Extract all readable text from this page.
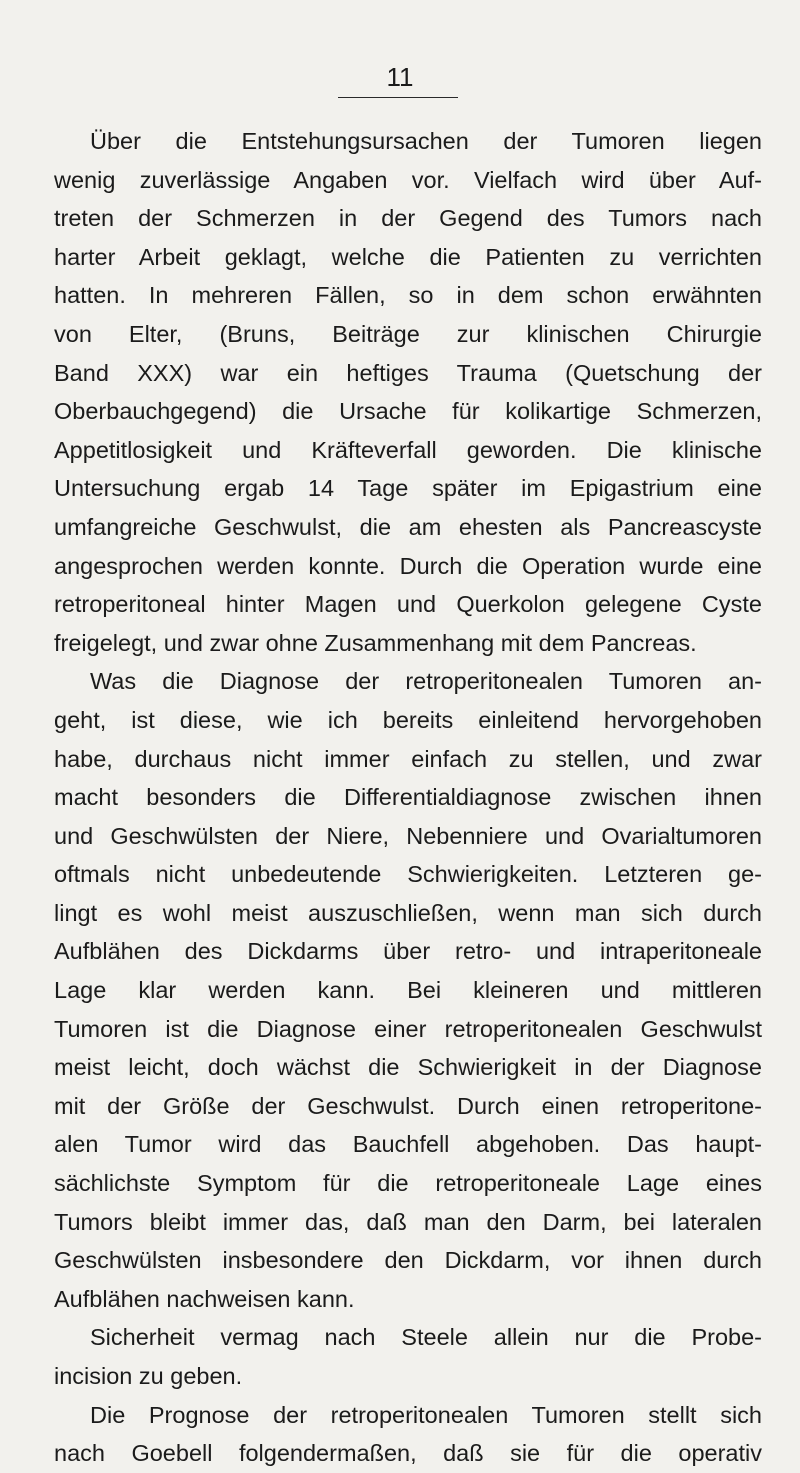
11
Über die Entstehungsursachen der Tumoren liegen
wenig zuverlässige Angaben vor. Vielfach wird über Auf-
treten der Schmerzen in der Gegend des Tumors nach
harter Arbeit geklagt, welche die Patienten zu verrichten
hatten. In mehreren Fällen, so in dem schon erwähnten
von Elter, (Bruns, Beiträge zur klinischen Chirurgie
Band XXX) war ein heftiges Trauma (Quetschung der
Oberbauchgegend) die Ursache für kolikartige Schmerzen,
Appetitlosigkeit und Kräfteverfall geworden. Die klinische
Untersuchung ergab 14 Tage später im Epigastrium eine
umfangreiche Geschwulst, die am ehesten als Pancreascyste
angesprochen werden konnte. Durch die Operation wurde eine
retroperitoneal hinter Magen und Querkolon gelegene Cyste
freigelegt, und zwar ohne Zusammenhang mit dem Pancreas.
Was die Diagnose der retroperitonealen Tumoren an-
geht, ist diese, wie ich bereits einleitend hervorgehoben
habe, durchaus nicht immer einfach zu stellen, und zwar
macht besonders die Differentialdiagnose zwischen ihnen
und Geschwülsten der Niere, Nebenniere und Ovarialtumoren
oftmals nicht unbedeutende Schwierigkeiten. Letzteren ge-
lingt es wohl meist auszuschließen, wenn man sich durch
Aufblähen des Dickdarms über retro- und intraperitoneale
Lage klar werden kann. Bei kleineren und mittleren
Tumoren ist die Diagnose einer retroperitonealen Geschwulst
meist leicht, doch wächst die Schwierigkeit in der Diagnose
mit der Größe der Geschwulst. Durch einen retroperitone-
alen Tumor wird das Bauchfell abgehoben. Das haupt-
sächlichste Symptom für die retroperitoneale Lage eines
Tumors bleibt immer das, daß man den Darm, bei lateralen
Geschwülsten insbesondere den Dickdarm, vor ihnen durch
Aufblähen nachweisen kann.
Sicherheit vermag nach Steele allein nur die Probe-
incision zu geben.
Die Prognose der retroperitonealen Tumoren stellt sich
nach Goebell folgendermaßen, daß sie für die operativ
